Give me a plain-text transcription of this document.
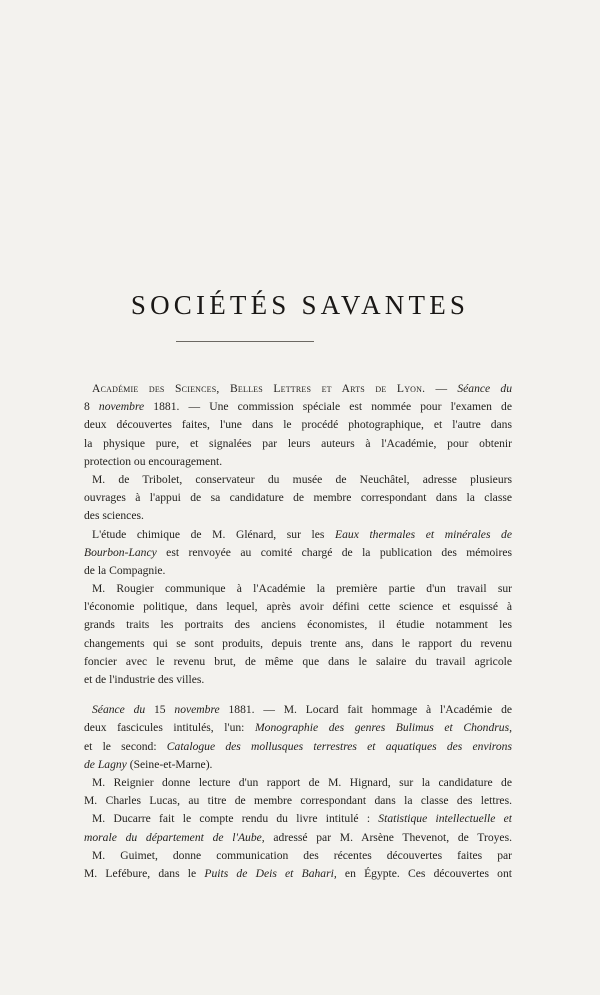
SOCIÉTÉS SAVANTES
Académie des Sciences, Belles Lettres et Arts de Lyon. — Séance du
8 novembre 1881. — Une commission spéciale est nommée pour l'examen de
deux découvertes faites, l'une dans le procédé photographique, et l'autre dans
la physique pure, et signalées par leurs auteurs à l'Académie, pour obtenir
protection ou encouragement.
M. de Tribolet, conservateur du musée de Neuchâtel, adresse plusieurs
ouvrages à l'appui de sa candidature de membre correspondant dans la classe
des sciences.
L'étude chimique de M. Glénard, sur les Eaux thermales et minérales de
Bourbon-Lancy est renvoyée au comité chargé de la publication des mémoires
de la Compagnie.
M. Rougier communique à l'Académie la première partie d'un travail sur
l'économie politique, dans lequel, après avoir défini cette science et esquissé à
grands traits les portraits des anciens économistes, il étudie notamment les
changements qui se sont produits, depuis trente ans, dans le rapport du revenu
foncier avec le revenu brut, de même que dans le salaire du travail agricole
et de l'industrie des villes.
Séance du 15 novembre 1881. — M. Locard fait hommage à l'Académie de
deux fascicules intitulés, l'un: Monographie des genres Bulimus et Chondrus,
et le second: Catalogue des mollusques terrestres et aquatiques des environs
de Lagny (Seine-et-Marne).
M. Reignier donne lecture d'un rapport de M. Hignard, sur la candidature de
M. Charles Lucas, au titre de membre correspondant dans la classe des lettres.
M. Ducarre fait le compte rendu du livre intitulé : Statistique intellectuelle et
morale du département de l'Aube, adressé par M. Arsène Thevenot, de Troyes.
M. Guimet, donne communication des récentes découvertes faites par
M. Lefébure, dans le Puits de Deis et Bahari, en Égypte. Ces découvertes ont
